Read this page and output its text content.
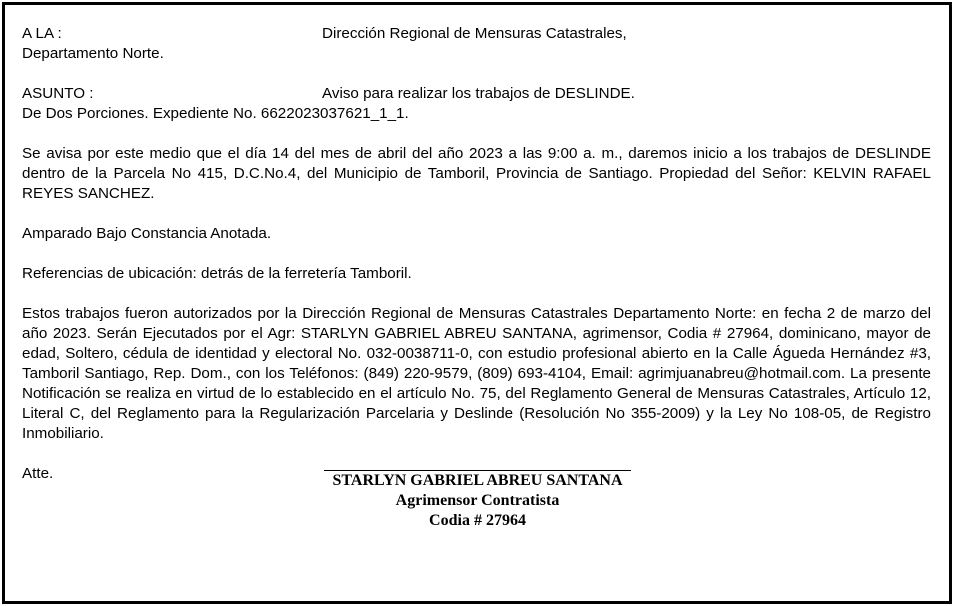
A LA :	Dirección Regional de Mensuras Catastrales,
Departamento Norte.
ASUNTO :	Aviso para realizar los trabajos de DESLINDE.
De Dos Porciones. Expediente No. 6622023037621_1_1.

Se avisa por este medio que el día 14 del mes de abril del año 2023 a las 9:00 a. m., daremos inicio a los trabajos de DESLINDE dentro de la Parcela No 415, D.C.No.4, del Municipio de Tamboril, Provincia de Santiago. Propiedad del Señor: KELVIN RAFAEL REYES SANCHEZ.

Amparado Bajo Constancia Anotada.

Referencias de ubicación: detrás de la ferretería Tamboril.

Estos trabajos fueron autorizados por la Dirección Regional de Mensuras Catastrales Departamento Norte: en fecha 2 de marzo del año 2023. Serán Ejecutados por el Agr: STARLYN GABRIEL ABREU SANTANA, agrimensor, Codia # 27964, dominicano, mayor de edad, Soltero, cédula de identidad y electoral No. 032-0038711-0, con estudio profesional abierto en la Calle Águeda Hernández #3, Tamboril Santiago, Rep. Dom., con los Teléfonos: (849) 220-9579, (809) 693-4104, Email: agrimjuanabreu@hotmail.com. La presente Notificación se realiza en virtud de lo establecido en el artículo No. 75, del Reglamento General de Mensuras Catastrales, Artículo 12, Literal C, del Reglamento para la Regularización Parcelaria y Deslinde (Resolución No 355-2009) y la Ley No 108-05, de Registro Inmobiliario.

Atte.	STARLYN GABRIEL ABREU SANTANA
Agrimensor Contratista
Codia # 27964
